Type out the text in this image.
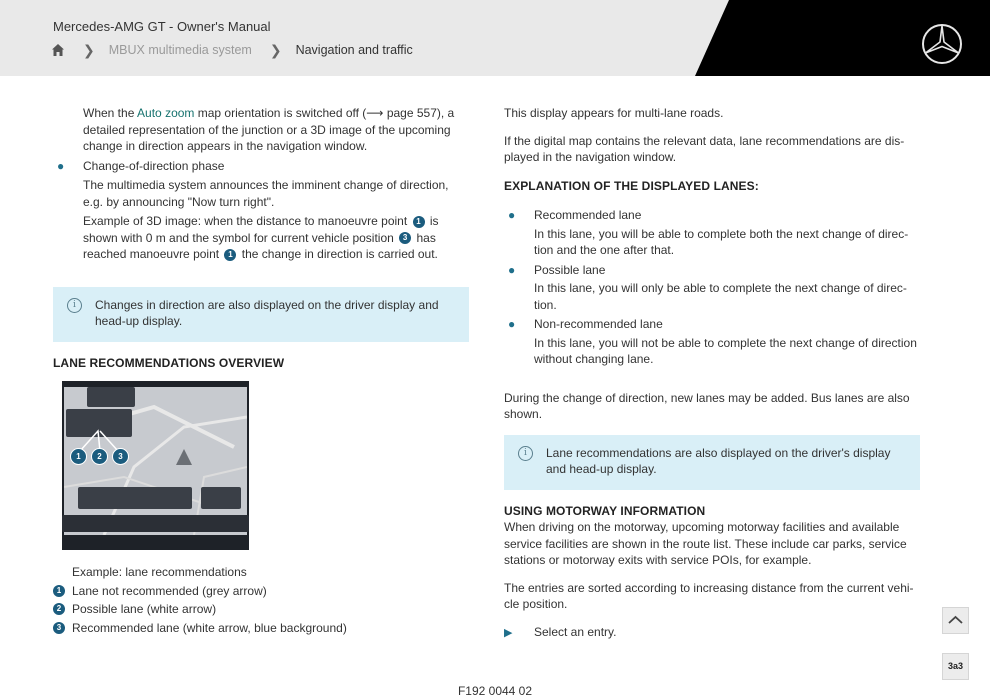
Mercedes-AMG GT - Owner's Manual
❯ MBUX multimedia system ❯ Navigation and traffic

When the Auto zoom map orientation is switched off (⟶ page 557), a detailed representation of the junction or a 3D image of the upcoming change in direction appears in the navigation window.

● Change-of-direction phase

The multimedia system announces the imminent change of direction, e.g. by announcing "Now turn right".

Example of 3D image: when the distance to manoeuvre point 1 is shown with 0 m and the symbol for current vehicle position 3 has reached manoeuvre point 1 the change in direction is carried out.

i	Changes in direction are also displayed on the driver display and head-up display.
LANE RECOMMENDATIONS OVERVIEW
1	2	3
Example: lane recommendations
1 Lane not recommended (grey arrow)
2 Possible lane (white arrow)
3 Recommended lane (white arrow, blue background)

This display appears for multi-lane roads.

If the digital map contains the relevant data, lane recommendations are dis- played in the navigation window.

EXPLANATION OF THE DISPLAYED LANES:
● Recommended lane

In this lane, you will be able to complete both the next change of direc- tion and the one after that.

● Possible lane

In this lane, you will only be able to complete the next change of direc- tion.

● Non-recommended lane

In this lane, you will not be able to complete the next change of direction without changing lane.

During the change of direction, new lanes may be added. Bus lanes are also shown.

i	Lane recommendations are also displayed on the driver's display and head-up display.
USING MOTORWAY INFORMATION

When driving on the motorway, upcoming motorway facilities and available service facilities are shown in the route list. These include car parks, service stations or motorway exits with service POIs, for example.

The entries are sorted according to increasing distance from the current vehi- cle position.

▶ Select an entry.
3a3
F192 0044 02
